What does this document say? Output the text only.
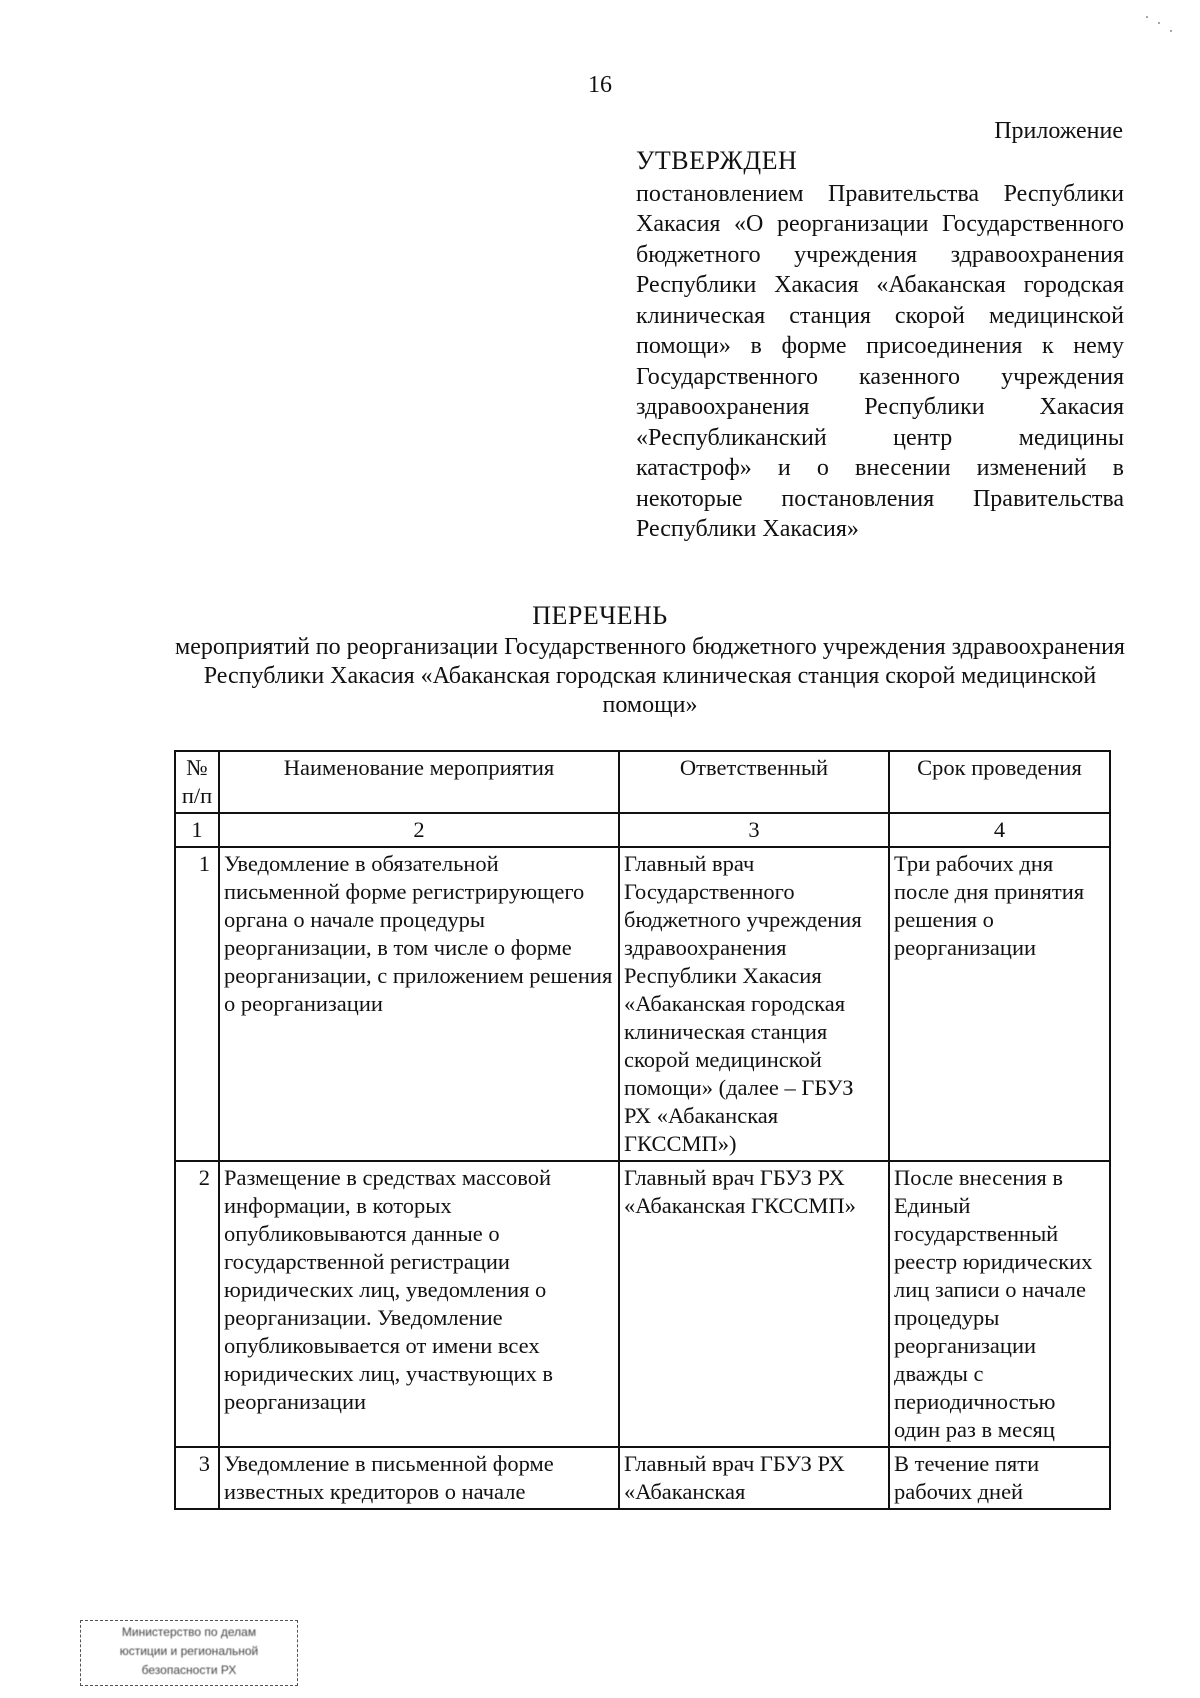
16
Приложение
УТВЕРЖДЕН
постановлением Правительства Республики Хакасия «О реорганизации Государственного бюджетного учреждения здравоохранения Республики Хакасия «Абаканская городская клиническая станция скорой медицинской помощи» в форме присоединения к нему Государственного казенного учреждения здравоохранения Республики Хакасия «Республиканский центр медицины катастроф» и о внесении изменений в некоторые постановления Правительства Республики Хакасия»
ПЕРЕЧЕНЬ
мероприятий по реорганизации Государственного бюджетного учреждения здравоохранения Республики Хакасия «Абаканская городская клиническая станция скорой медицинской помощи»
№ п/п	Наименование мероприятия	Ответственный	Срок проведения
1	2	3	4
1	Уведомление в обязательной письменной форме регистрирующего органа о начале процедуры реорганизации, в том числе о форме реорганизации, с приложением решения о реорганизации	Главный врач Государственного бюджетного учреждения здравоохранения Республики Хакасия «Абаканская городская клиническая станция скорой медицинской помощи» (далее – ГБУЗ РХ «Абаканская ГКССМП»)	Три рабочих дня после дня принятия решения о реорганизации
2	Размещение в средствах массовой информации, в которых опубликовываются данные о государственной регистрации юридических лиц, уведомления о реорганизации. Уведомление опубликовывается от имени всех юридических лиц, участвующих в реорганизации	Главный врач ГБУЗ РХ «Абаканская ГКССМП»	После внесения в Единый государственный реестр юридических лиц записи о начале процедуры реорганизации дважды с периодичностью один раз в месяц
3	Уведомление в письменной форме известных кредиторов о начале	Главный врач ГБУЗ РХ «Абаканская	В течение пяти рабочих дней
Министерство по делам
юстиции и региональной
безопасности РХ
